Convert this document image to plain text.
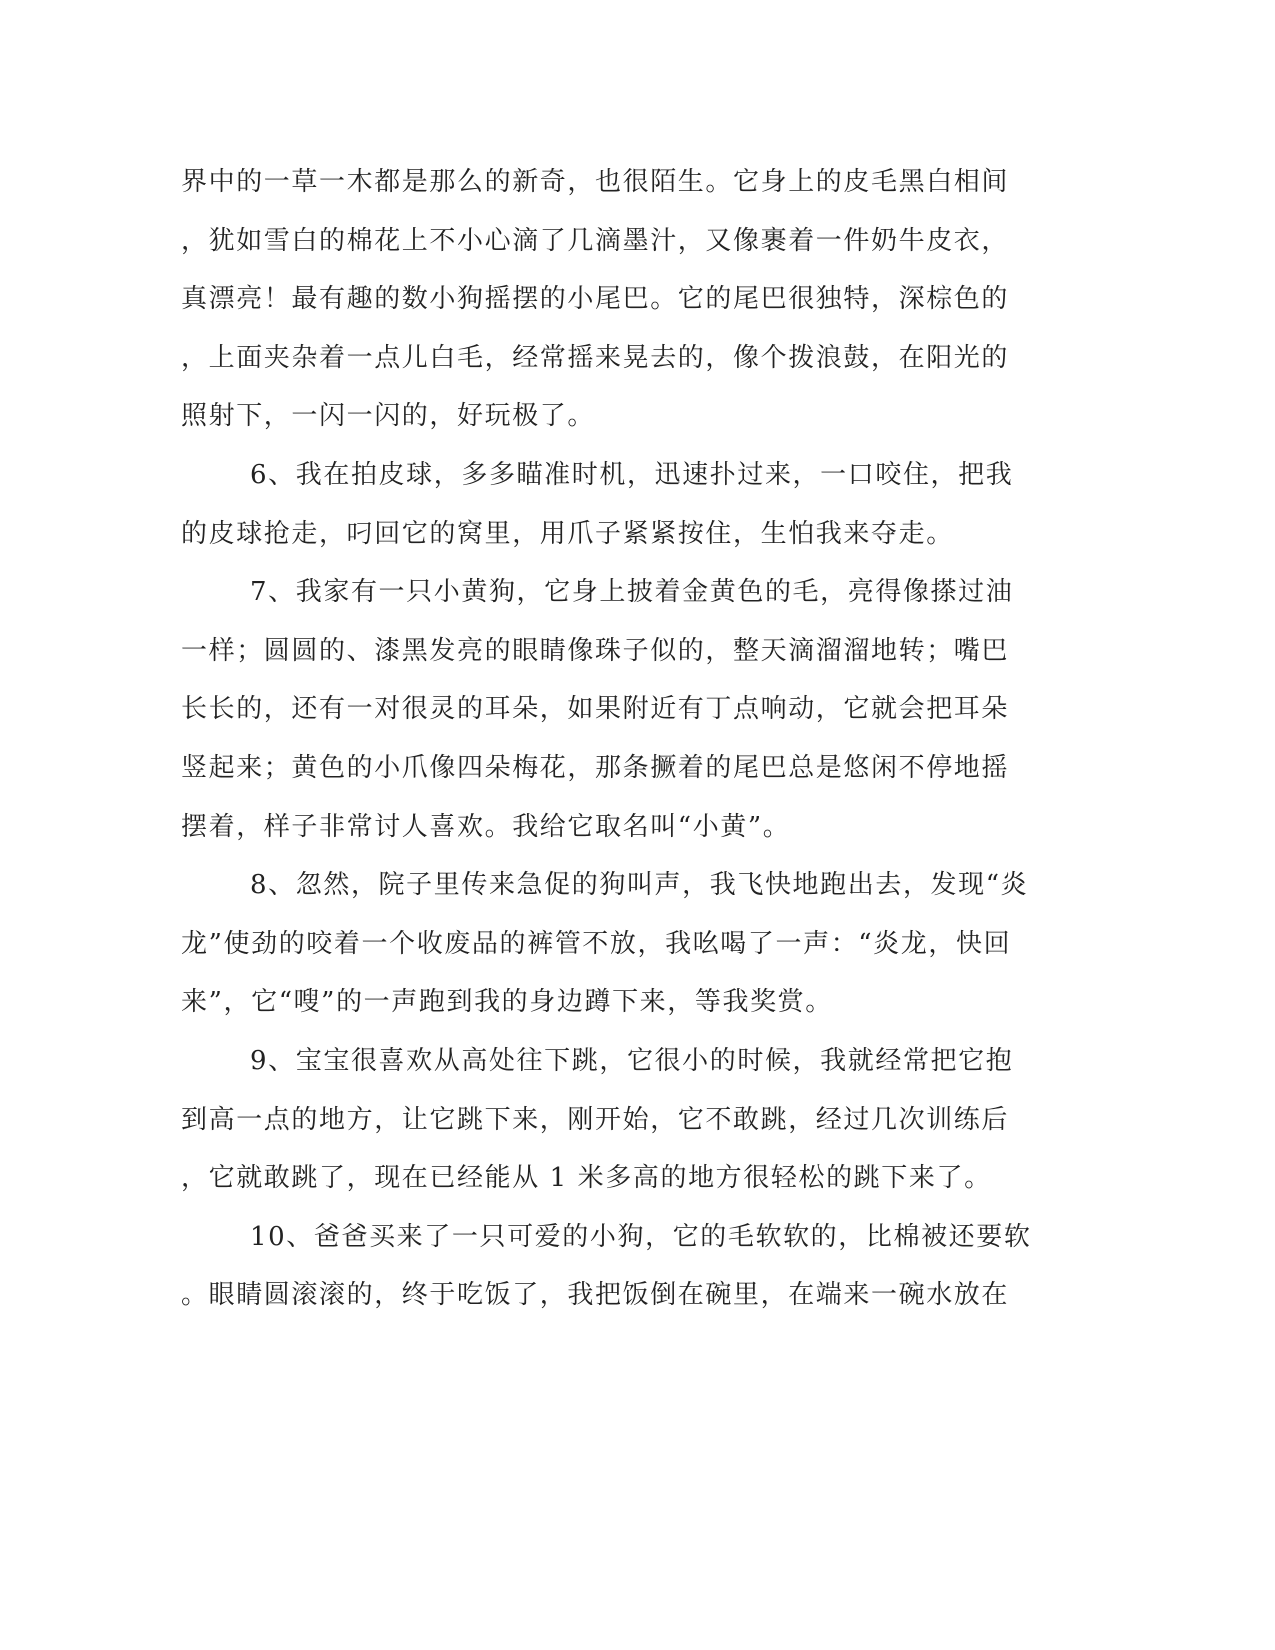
界中的一草一木都是那么的新奇，也很陌生。它身上的皮毛黑白相间
，犹如雪白的棉花上不小心滴了几滴墨汁，又像裹着一件奶牛皮衣，
真漂亮！最有趣的数小狗摇摆的小尾巴。它的尾巴很独特，深棕色的
，上面夹杂着一点儿白毛，经常摇来晃去的，像个拨浪鼓，在阳光的
照射下，一闪一闪的，好玩极了。
6、我在拍皮球，多多瞄准时机，迅速扑过来，一口咬住，把我
的皮球抢走，叼回它的窝里，用爪子紧紧按住，生怕我来夺走。
7、我家有一只小黄狗，它身上披着金黄色的毛，亮得像搽过油
一样；圆圆的、漆黑发亮的眼睛像珠子似的，整天滴溜溜地转；嘴巴
长长的，还有一对很灵的耳朵，如果附近有丁点响动，它就会把耳朵
竖起来；黄色的小爪像四朵梅花，那条撅着的尾巴总是悠闲不停地摇
摆着，样子非常讨人喜欢。我给它取名叫“小黄”。
8、忽然，院子里传来急促的狗叫声，我飞快地跑出去，发现“炎
龙”使劲的咬着一个收废品的裤管不放，我吆喝了一声：“炎龙，快回
来”，它“嗖”的一声跑到我的身边蹲下来，等我奖赏。
9、宝宝很喜欢从高处往下跳，它很小的时候，我就经常把它抱
到高一点的地方，让它跳下来，刚开始，它不敢跳，经过几次训练后
，它就敢跳了，现在已经能从 1 米多高的地方很轻松的跳下来了。
10、爸爸买来了一只可爱的小狗，它的毛软软的，比棉被还要软
。眼睛圆滚滚的，终于吃饭了，我把饭倒在碗里，在端来一碗水放在
